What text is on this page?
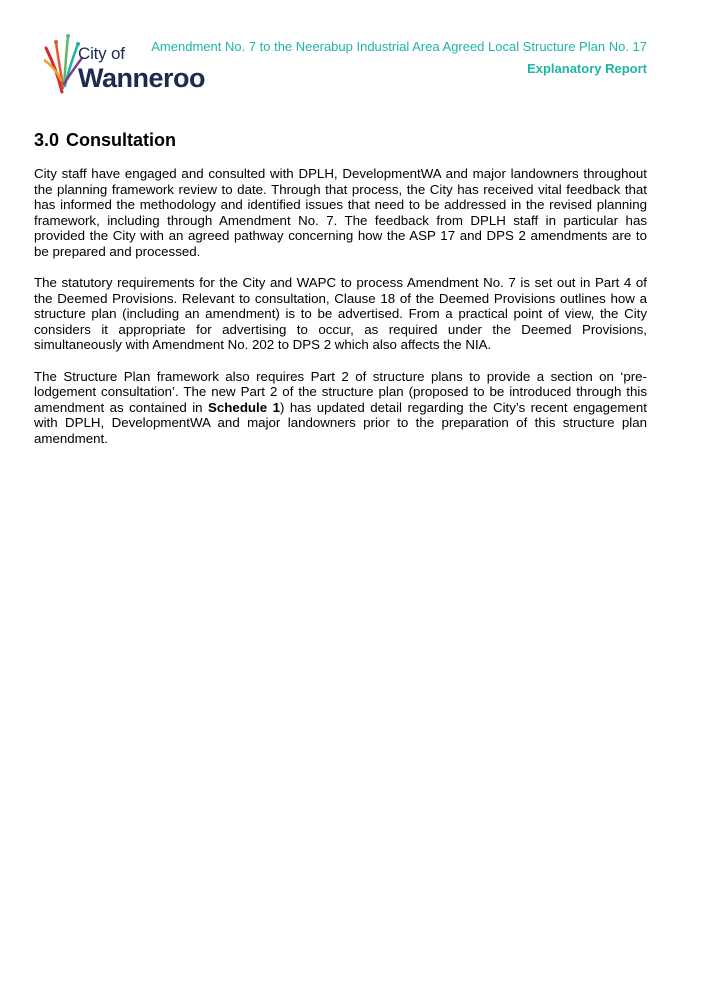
City of
Wanneroo
Amendment No. 7 to the Neerabup Industrial Area Agreed Local Structure Plan No. 17
Explanatory Report
3.0 Consultation

City staff have engaged and consulted with DPLH, DevelopmentWA and major landowners throughout the planning framework review to date. Through that process, the City has received vital feedback that has informed the methodology and identified issues that need to be addressed in the revised planning framework, including through Amendment No. 7. The feedback from DPLH staff in particular has provided the City with an agreed pathway concerning how the ASP 17 and DPS 2 amendments are to be prepared and processed.

The statutory requirements for the City and WAPC to process Amendment No. 7 is set out in Part 4 of the Deemed Provisions. Relevant to consultation, Clause 18 of the Deemed Provisions outlines how a structure plan (including an amendment) is to be advertised. From a practical point of view, the City considers it appropriate for advertising to occur, as required under the Deemed Provisions, simultaneously with Amendment No. 202 to DPS 2 which also affects the NIA.

The Structure Plan framework also requires Part 2 of structure plans to provide a section on ‘pre-lodgement consultation’. The new Part 2 of the structure plan (proposed to be introduced through this amendment as contained in Schedule 1) has updated detail regarding the City’s recent engagement with DPLH, DevelopmentWA and major landowners prior to the preparation of this structure plan amendment.
